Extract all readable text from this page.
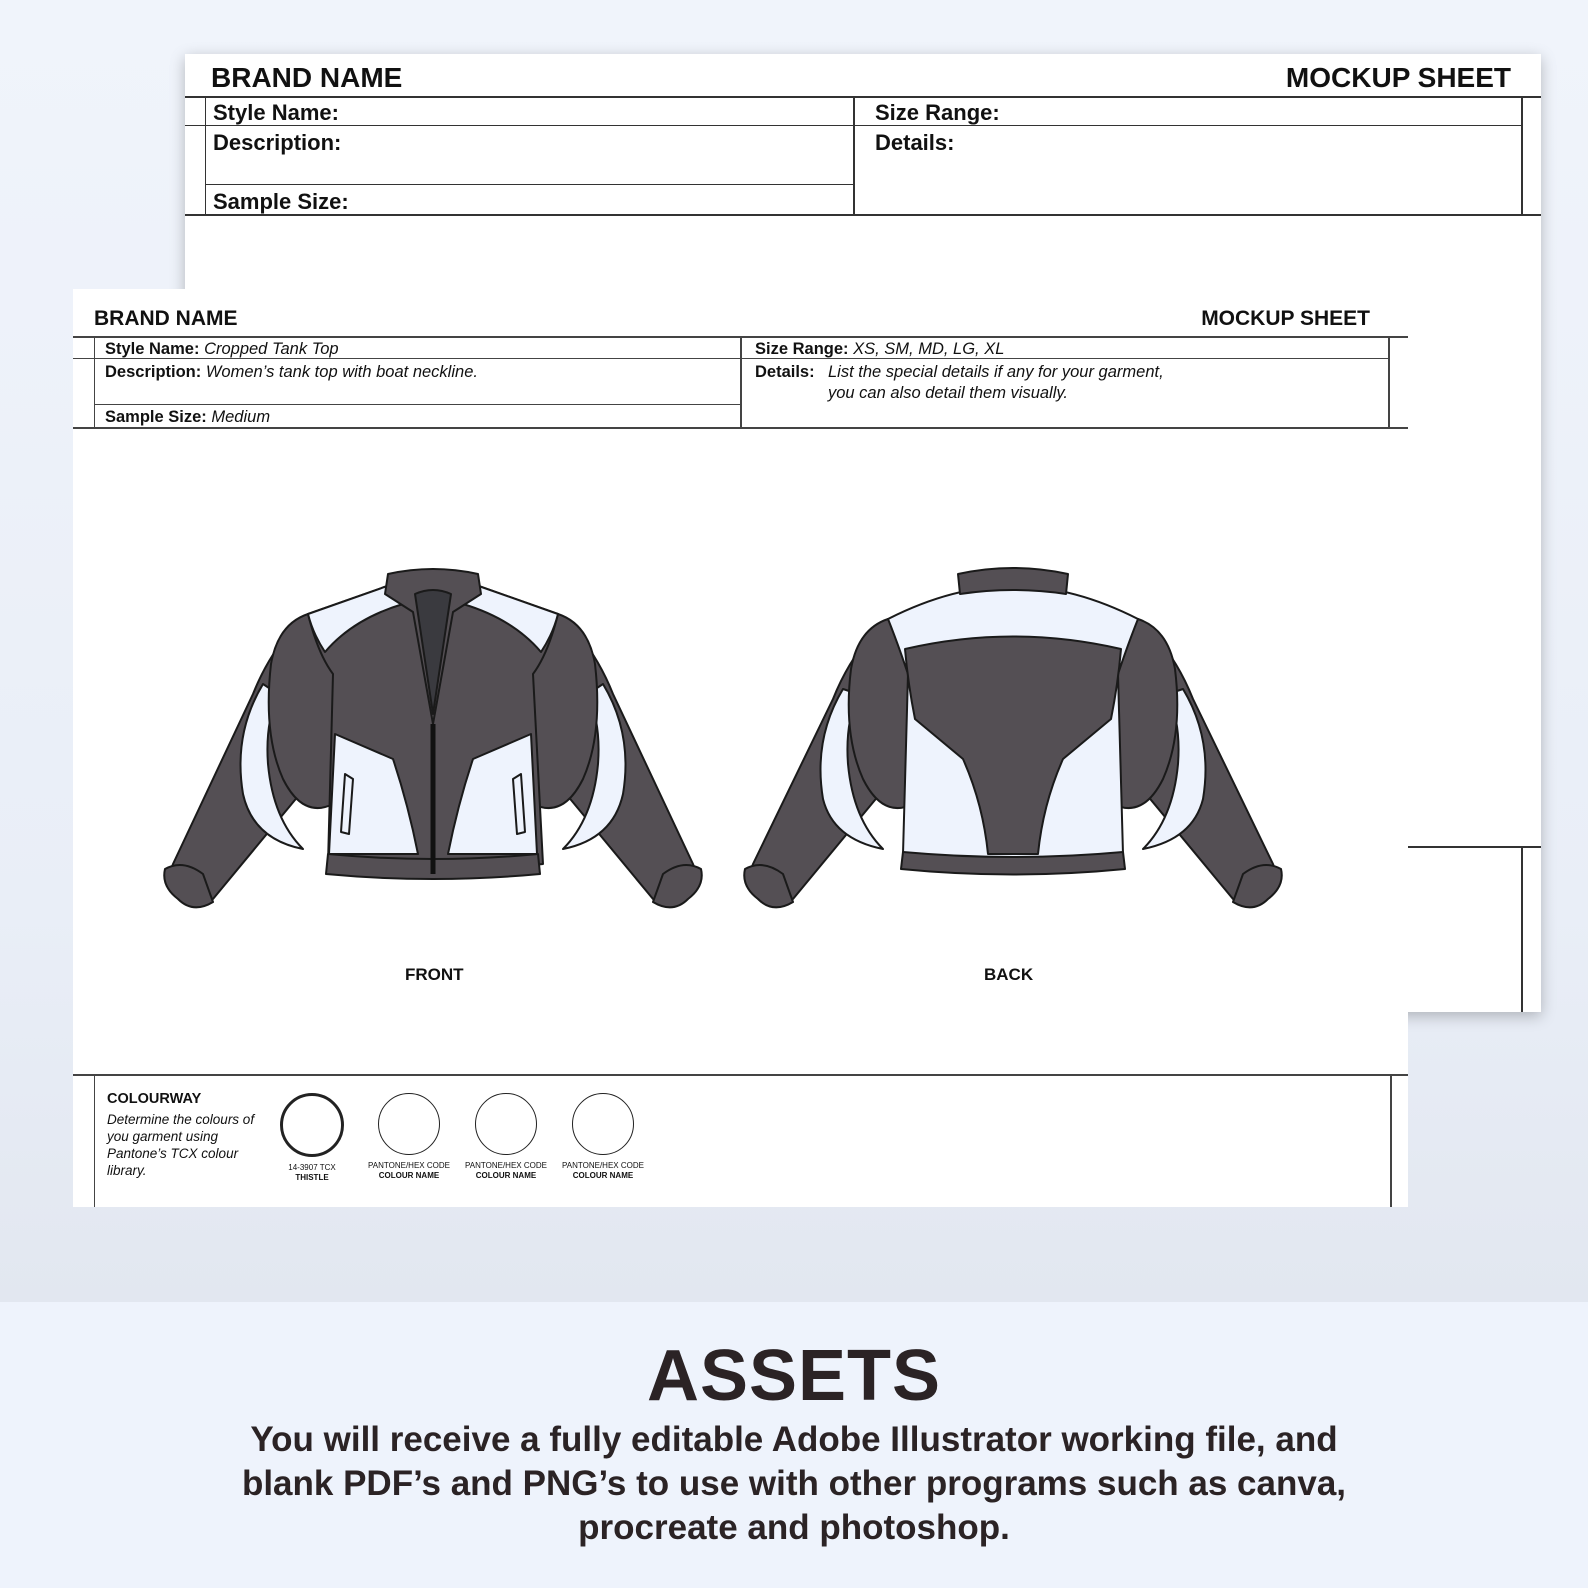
BRAND NAME	MOCKUP SHEET
Style Name:
Description:
Sample Size:
Size Range:
Details:
BRAND NAME	MOCKUP SHEET
Style Name: Cropped Tank Top
Description: Women’s tank top with boat neckline.
Sample Size: Medium
Size Range: XS, SM, MD, LG, XL
Details: List the special details if any for your garment,
you can also detail them visually.
FRONT	BACK
COLOURWAY
Determine the colours of you garment using Pantone’s TCX colour library.	14-3907 TCX
THISTLE
PANTONE/HEX CODE
COLOUR NAME
PANTONE/HEX CODE
COLOUR NAME
PANTONE/HEX CODE
COLOUR NAME
ASSETS
You will receive a fully editable Adobe Illustrator working file, and blank PDF’s and PNG’s to use with other programs such as canva, procreate and photoshop.
